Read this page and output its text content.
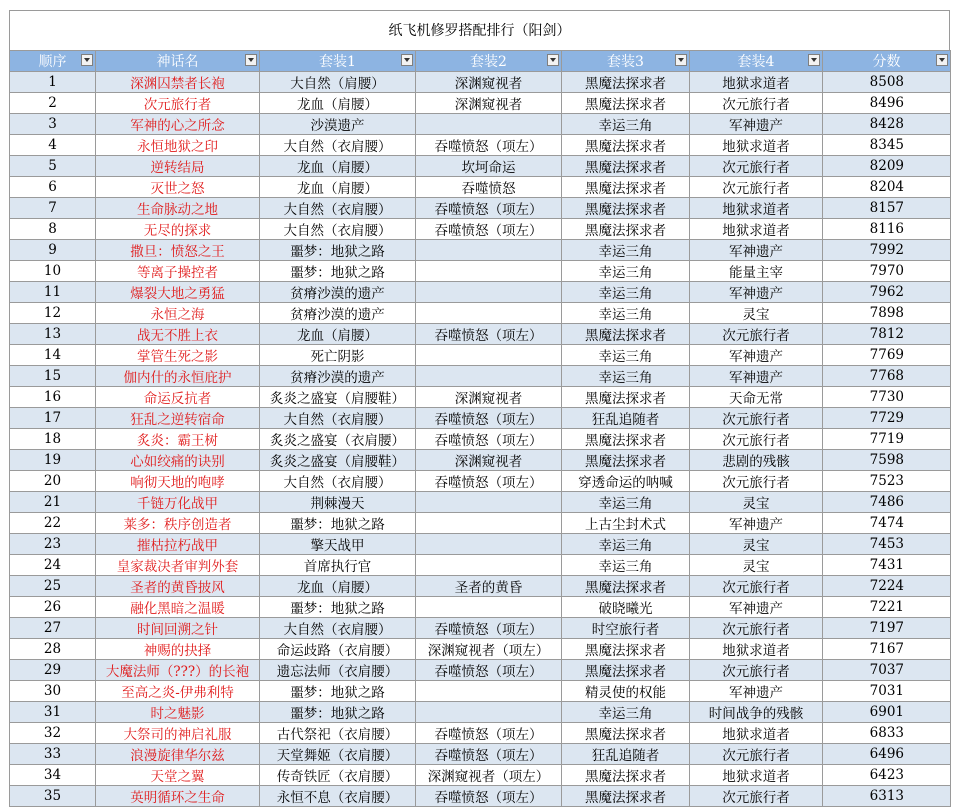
纸飞机修罗搭配排行（阳剑）
顺序	神话名	套装1	套装2	套装3	套装4	分数

1	深渊囚禁者长袍	大自然（肩腰）	深渊窥视者	黑魔法探求者	地狱求道者	8508
2	次元旅行者	龙血（肩腰）	深渊窥视者	黑魔法探求者	次元旅行者	8496
3	军神的心之所念	沙漠遗产		幸运三角	军神遗产	8428
4	永恒地狱之印	大自然（衣肩腰）	吞噬愤怒（项左）	黑魔法探求者	地狱求道者	8345
5	逆转结局	龙血（肩腰）	坎坷命运	黑魔法探求者	次元旅行者	8209
6	灭世之怒	龙血（肩腰）	吞噬愤怒	黑魔法探求者	次元旅行者	8204
7	生命脉动之地	大自然（衣肩腰）	吞噬愤怒（项左）	黑魔法探求者	地狱求道者	8157
8	无尽的探求	大自然（衣肩腰）	吞噬愤怒（项左）	黑魔法探求者	地狱求道者	8116
9	撒旦：愤怒之王	噩梦：地狱之路		幸运三角	军神遗产	7992
10	等离子操控者	噩梦：地狱之路		幸运三角	能量主宰	7970
11	爆裂大地之勇猛	贫瘠沙漠的遗产		幸运三角	军神遗产	7962
12	永恒之海	贫瘠沙漠的遗产		幸运三角	灵宝	7898
13	战无不胜上衣	龙血（肩腰）	吞噬愤怒（项左）	黑魔法探求者	次元旅行者	7812
14	掌管生死之影	死亡阴影		幸运三角	军神遗产	7769
15	伽内什的永恒庇护	贫瘠沙漠的遗产		幸运三角	军神遗产	7768
16	命运反抗者	炙炎之盛宴（肩腰鞋）	深渊窥视者	黑魔法探求者	天命无常	7730
17	狂乱之逆转宿命	大自然（衣肩腰）	吞噬愤怒（项左）	狂乱追随者	次元旅行者	7729
18	炙炎：霸王树	炙炎之盛宴（衣肩腰）	吞噬愤怒（项左）	黑魔法探求者	次元旅行者	7719
19	心如绞痛的诀别	炙炎之盛宴（肩腰鞋）	深渊窥视者	黑魔法探求者	悲剧的残骸	7598
20	响彻天地的咆哮	大自然（衣肩腰）	吞噬愤怒（项左）	穿透命运的呐喊	次元旅行者	7523
21	千链万化战甲	荆棘漫天		幸运三角	灵宝	7486
22	莱多：秩序创造者	噩梦：地狱之路		上古尘封术式	军神遗产	7474
23	摧枯拉朽战甲	擎天战甲		幸运三角	灵宝	7453
24	皇家裁决者审判外套	首席执行官		幸运三角	灵宝	7431
25	圣者的黄昏披风	龙血（肩腰）	圣者的黄昏	黑魔法探求者	次元旅行者	7224
26	融化黑暗之温暖	噩梦：地狱之路		破晓曦光	军神遗产	7221
27	时间回溯之针	大自然（衣肩腰）	吞噬愤怒（项左）	时空旅行者	次元旅行者	7197
28	神赐的抉择	命运歧路（衣肩腰）	深渊窥视者（项左）	黑魔法探求者	地狱求道者	7167
29	大魔法师（???）的长袍	遗忘法师（衣肩腰）	吞噬愤怒（项左）	黑魔法探求者	次元旅行者	7037
30	至高之炎-伊弗利特	噩梦：地狱之路		精灵使的权能	军神遗产	7031
31	时之魅影	噩梦：地狱之路		幸运三角	时间战争的残骸	6901
32	大祭司的神启礼服	古代祭祀（衣肩腰）	吞噬愤怒（项左）	黑魔法探求者	地狱求道者	6833
33	浪漫旋律华尔兹	天堂舞姬（衣肩腰）	吞噬愤怒（项左）	狂乱追随者	次元旅行者	6496
34	天堂之翼	传奇铁匠（衣肩腰）	深渊窥视者（项左）	黑魔法探求者	地狱求道者	6423
35	英明循环之生命	永恒不息（衣肩腰）	吞噬愤怒（项左）	黑魔法探求者	次元旅行者	6313
